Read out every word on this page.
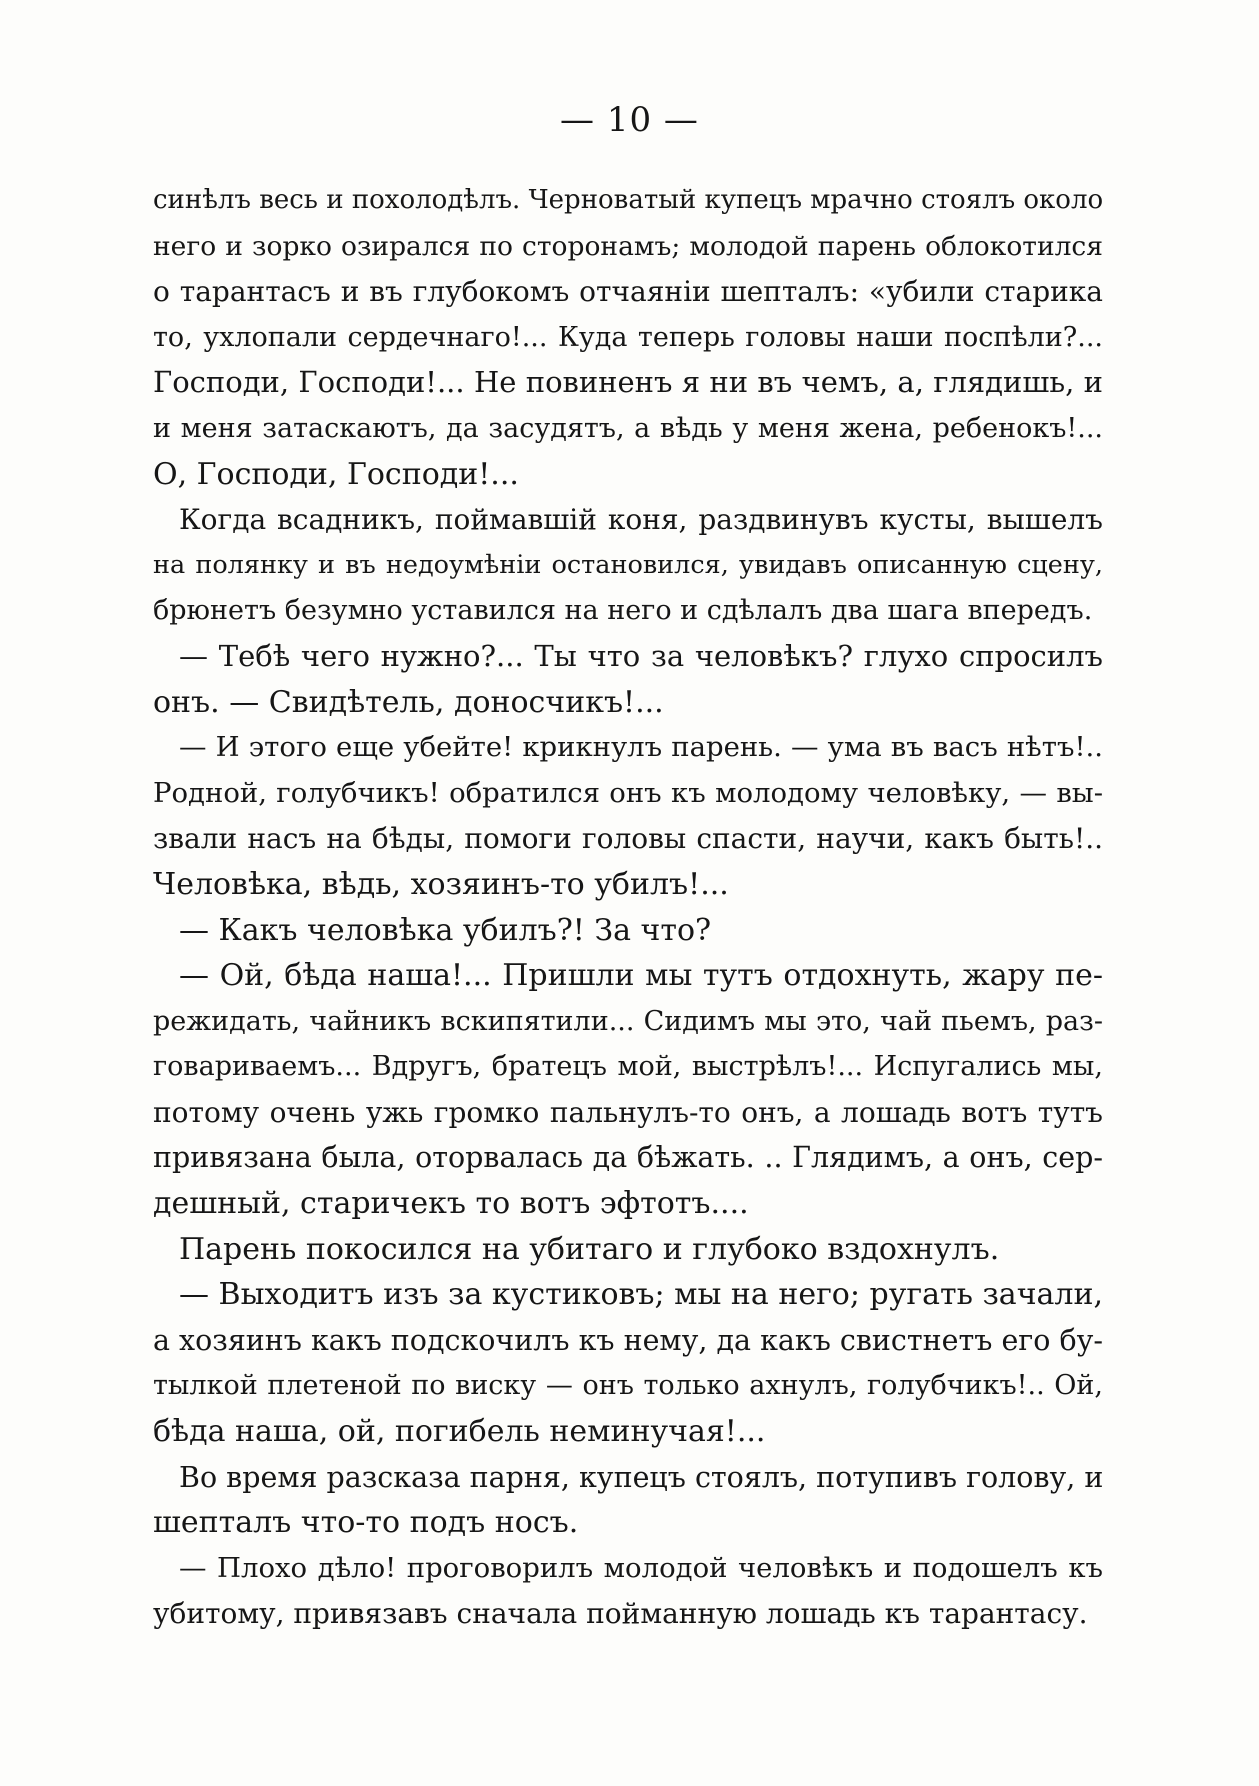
— 10 —
синѣлъ весь и похолодѣлъ. Черноватый купецъ мрачно стоялъ около
него и зорко озирался по сторонамъ; молодой парень облокотился
о тарантасъ и въ глубокомъ отчаяніи шепталъ: «убили старика
то, ухлопали сердечнаго!... Куда теперь головы наши поспѣли?...
Господи, Господи!... Не повиненъ я ни въ чемъ, а, глядишь, и
и меня затаскаютъ, да засудятъ, а вѣдь у меня жена, ребенокъ!...
О, Господи, Господи!...
Когда всадникъ, поймавшій коня, раздвинувъ кусты, вышелъ
на полянку и въ недоумѣніи остановился, увидавъ описанную сцену,
брюнетъ безумно уставился на него и сдѣлалъ два шага впередъ.
— Тебѣ чего нужно?... Ты что за человѣкъ? глухо спросилъ
онъ. — Свидѣтель, доносчикъ!...
— И этого еще убейте! крикнулъ парень. — ума въ васъ нѣтъ!..
Родной, голубчикъ! обратился онъ къ молодому человѣку, — вы-
звали насъ на бѣды, помоги головы спасти, научи, какъ быть!..
Человѣка, вѣдь, хозяинъ-то убилъ!...
— Какъ человѣка убилъ?! За что?
— Ой, бѣда наша!... Пришли мы тутъ отдохнуть, жару пе-
режидать, чайникъ вскипятили... Сидимъ мы это, чай пьемъ, раз-
говариваемъ... Вдругъ, братецъ мой, выстрѣлъ!... Испугались мы,
потому очень ужь громко пальнулъ-то онъ, а лошадь вотъ тутъ
привязана была, оторвалась да бѣжать. .. Глядимъ, а онъ, сер-
дешный, старичекъ то вотъ эфтотъ....
Парень покосился на убитаго и глубоко вздохнулъ.
— Выходитъ изъ за кустиковъ; мы на него; ругать зачали,
а хозяинъ какъ подскочилъ къ нему, да какъ свистнетъ его бу-
тылкой плетеной по виску — онъ только ахнулъ, голубчикъ!.. Ой,
бѣда наша, ой, погибель неминучая!...
Во время разсказа парня, купецъ стоялъ, потупивъ голову, и
шепталъ что-то подъ носъ.
— Плохо дѣло! проговорилъ молодой человѣкъ и подошелъ къ
убитому, привязавъ сначала пойманную лошадь къ тарантасу.
